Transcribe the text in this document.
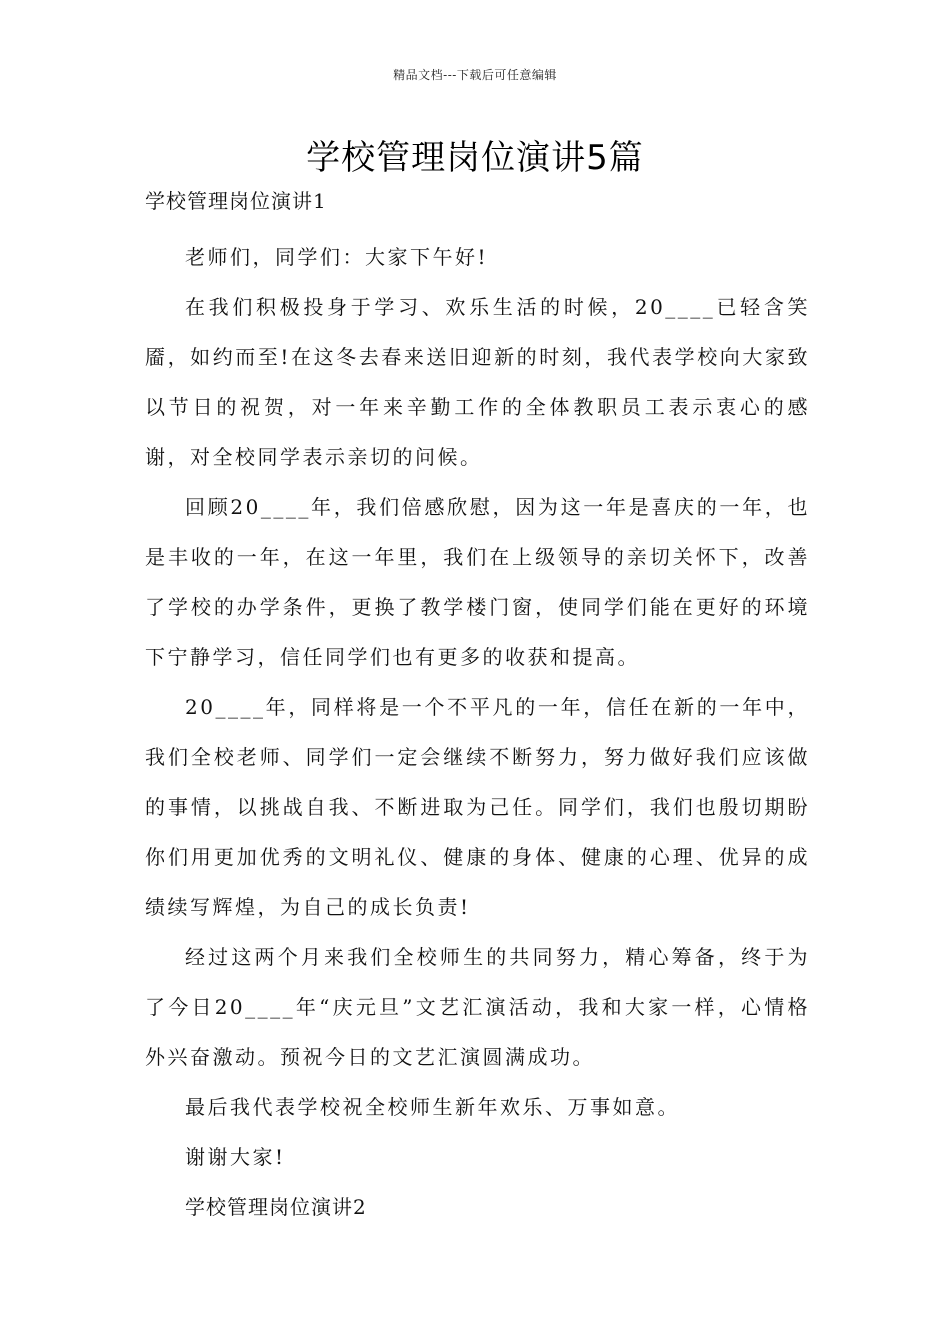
精品文档---下载后可任意编辑
学校管理岗位演讲5篇
学校管理岗位演讲1

老师们，同学们：大家下午好!

在我们积极投身于学习、欢乐生活的时候，20____已轻含笑靥，如约而至!在这冬去春来送旧迎新的时刻，我代表学校向大家致以节日的祝贺，对一年来辛勤工作的全体教职员工表示衷心的感谢，对全校同学表示亲切的问候。

回顾20____年，我们倍感欣慰，因为这一年是喜庆的一年，也是丰收的一年，在这一年里，我们在上级领导的亲切关怀下，改善了学校的办学条件，更换了教学楼门窗，使同学们能在更好的环境下宁静学习，信任同学们也有更多的收获和提高。

20____年，同样将是一个不平凡的一年，信任在新的一年中，我们全校老师、同学们一定会继续不断努力，努力做好我们应该做的事情，以挑战自我、不断进取为己任。同学们，我们也殷切期盼你们用更加优秀的文明礼仪、健康的身体、健康的心理、优异的成绩续写辉煌，为自己的成长负责!

经过这两个月来我们全校师生的共同努力，精心筹备，终于为了今日20____年“庆元旦”文艺汇演活动，我和大家一样，心情格外兴奋激动。预祝今日的文艺汇演圆满成功。

最后我代表学校祝全校师生新年欢乐、万事如意。

谢谢大家!

学校管理岗位演讲2
